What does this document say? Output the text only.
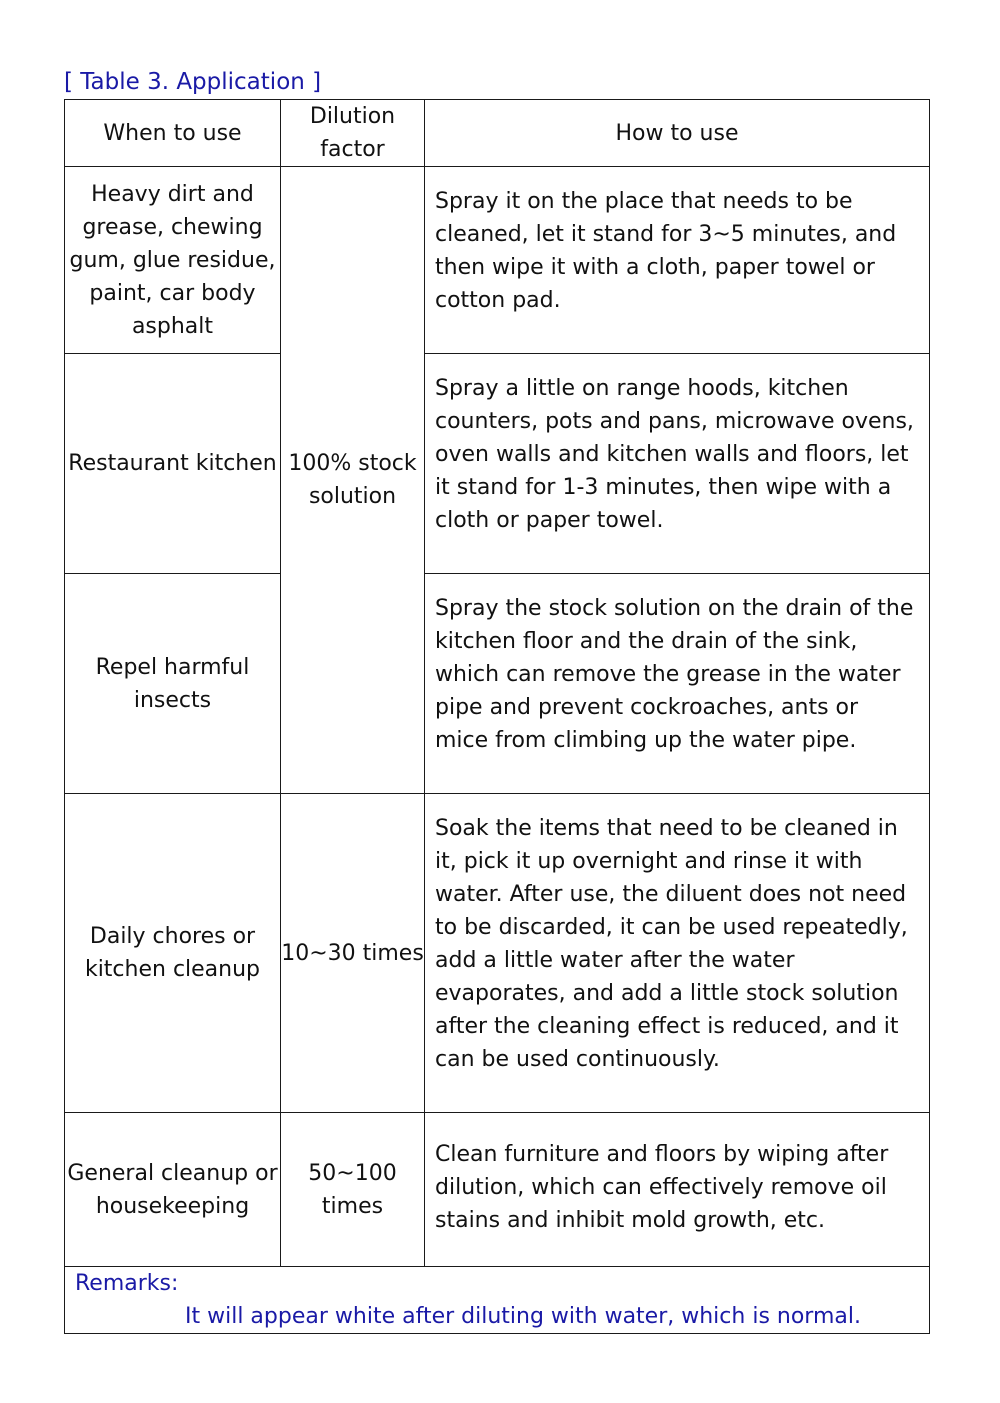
[ Table 3. Application ]
When to use	Dilution factor	How to use
Heavy dirt and grease, chewing gum, glue residue, paint, car body asphalt	100% stock solution	Spray it on the place that needs to be cleaned, let it stand for 3~5 minutes, and then wipe it with a cloth, paper towel or cotton pad.
Restaurant kitchen		Spray a little on range hoods, kitchen counters, pots and pans, microwave ovens, oven walls and kitchen walls and floors, let it stand for 1-3 minutes, then wipe with a cloth or paper towel.
Repel harmful insects		Spray the stock solution on the drain of the kitchen floor and the drain of the sink, which can remove the grease in the water pipe and prevent cockroaches, ants or mice from climbing up the water pipe.
Daily chores or kitchen cleanup	10~30 times	Soak the items that need to be cleaned in it, pick it up overnight and rinse it with water. After use, the diluent does not need to be discarded, it can be used repeatedly, add a little water after the water evaporates, and add a little stock solution after the cleaning effect is reduced, and it can be used continuously.
General cleanup or housekeeping	50~100 times	Clean furniture and floors by wiping after dilution, which can effectively remove oil stains and inhibit mold growth, etc.

Remarks:
It will appear white after diluting with water, which is normal.		
